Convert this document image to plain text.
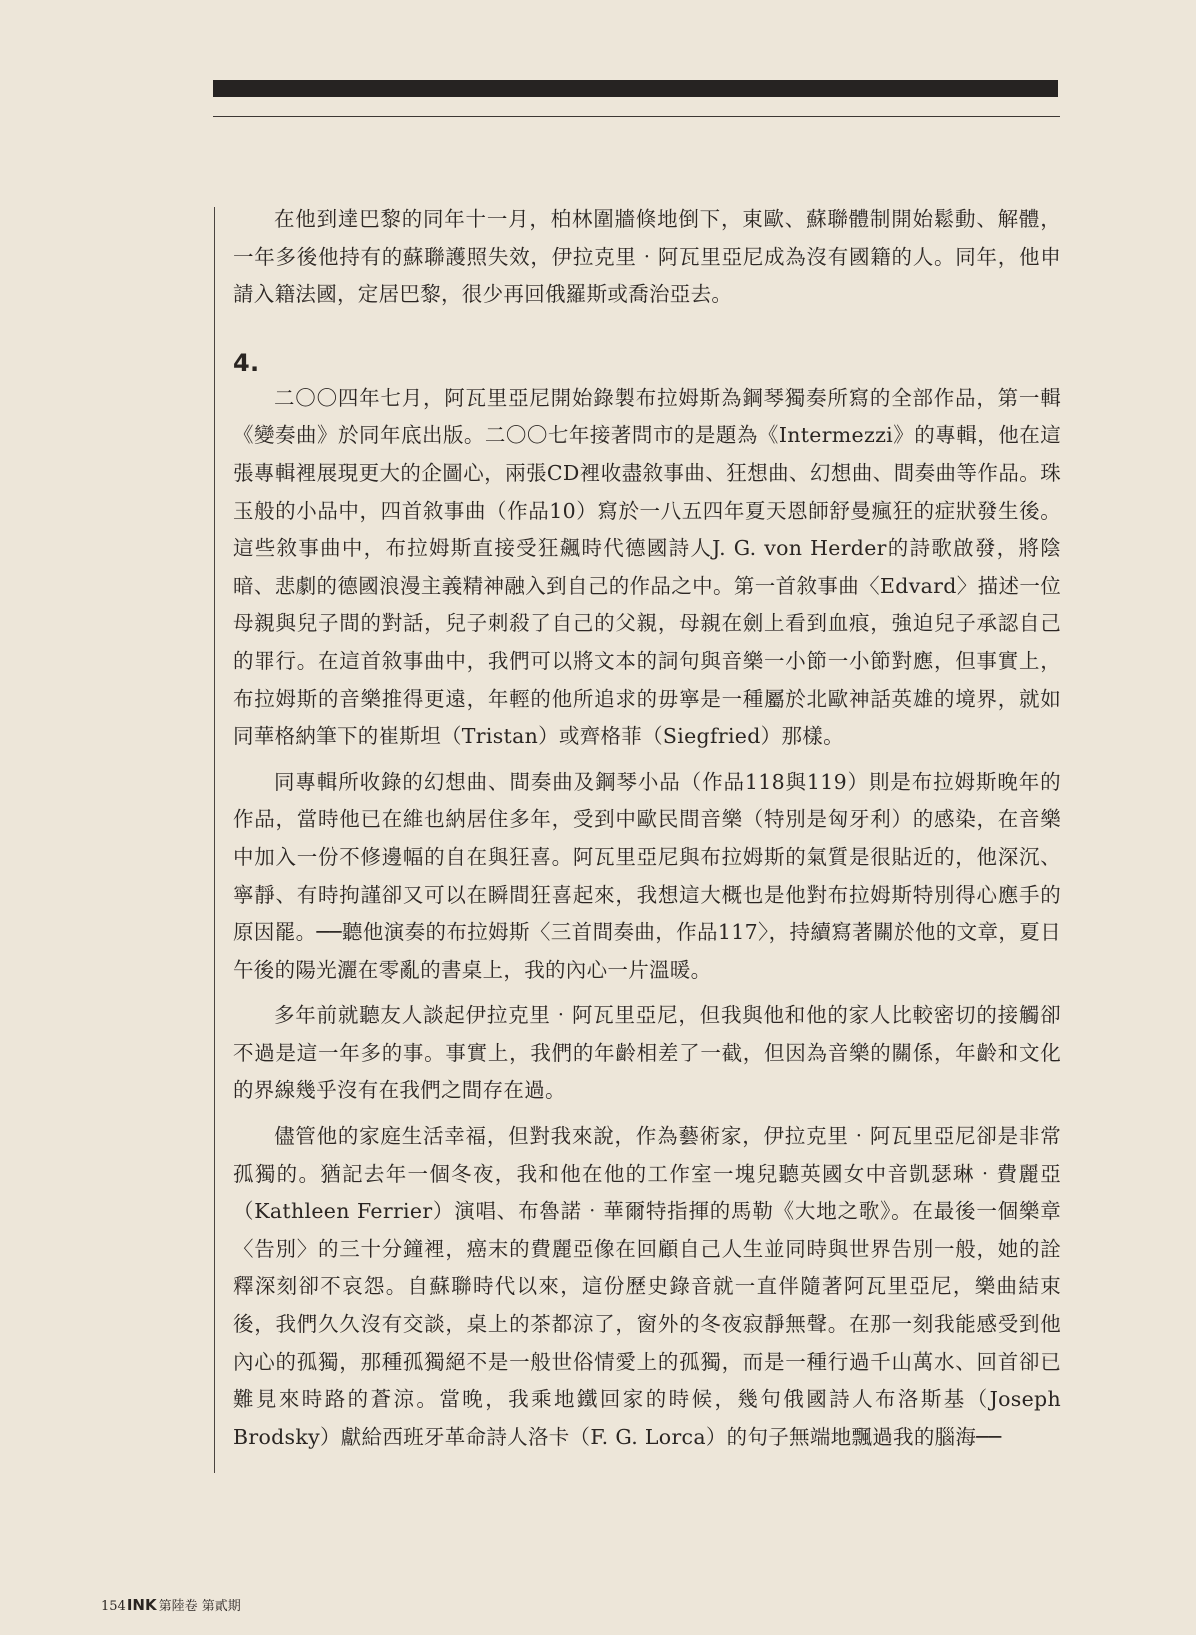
在他到達巴黎的同年十一月，柏林圍牆倏地倒下，東歐、蘇聯體制開始鬆動、解體，一年多後他持有的蘇聯護照失效，伊拉克里‧阿瓦里亞尼成為沒有國籍的人。同年，他申請入籍法國，定居巴黎，很少再回俄羅斯或喬治亞去。

4.

二〇〇四年七月，阿瓦里亞尼開始錄製布拉姆斯為鋼琴獨奏所寫的全部作品，第一輯《變奏曲》於同年底出版。二〇〇七年接著問市的是題為《Intermezzi》的專輯，他在這張專輯裡展現更大的企圖心，兩張CD裡收盡敘事曲、狂想曲、幻想曲、間奏曲等作品。珠玉般的小品中，四首敘事曲（作品10）寫於一八五四年夏天恩師舒曼瘋狂的症狀發生後。這些敘事曲中，布拉姆斯直接受狂飆時代德國詩人J. G. von Herder的詩歌啟發，將陰暗、悲劇的德國浪漫主義精神融入到自己的作品之中。第一首敘事曲〈Edvard〉描述一位母親與兒子間的對話，兒子刺殺了自己的父親，母親在劍上看到血痕，強迫兒子承認自己的罪行。在這首敘事曲中，我們可以將文本的詞句與音樂一小節一小節對應，但事實上，布拉姆斯的音樂推得更遠，年輕的他所追求的毋寧是一種屬於北歐神話英雄的境界，就如同華格納筆下的崔斯坦（Tristan）或齊格菲（Siegfried）那樣。

同專輯所收錄的幻想曲、間奏曲及鋼琴小品（作品118與119）則是布拉姆斯晚年的作品，當時他已在維也納居住多年，受到中歐民間音樂（特別是匈牙利）的感染，在音樂中加入一份不修邊幅的自在與狂喜。阿瓦里亞尼與布拉姆斯的氣質是很貼近的，他深沉、寧靜、有時拘謹卻又可以在瞬間狂喜起來，我想這大概也是他對布拉姆斯特別得心應手的原因罷。──聽他演奏的布拉姆斯〈三首間奏曲，作品117〉，持續寫著關於他的文章，夏日午後的陽光灑在零亂的書桌上，我的內心一片溫暖。

多年前就聽友人談起伊拉克里‧阿瓦里亞尼，但我與他和他的家人比較密切的接觸卻不過是這一年多的事。事實上，我們的年齡相差了一截，但因為音樂的關係，年齡和文化的界線幾乎沒有在我們之間存在過。

儘管他的家庭生活幸福，但對我來說，作為藝術家，伊拉克里‧阿瓦里亞尼卻是非常孤獨的。猶記去年一個冬夜，我和他在他的工作室一塊兒聽英國女中音凱瑟琳‧費麗亞（Kathleen Ferrier）演唱、布魯諾‧華爾特指揮的馬勒《大地之歌》。在最後一個樂章〈告別〉的三十分鐘裡，癌末的費麗亞像在回顧自己人生並同時與世界告別一般，她的詮釋深刻卻不哀怨。自蘇聯時代以來，這份歷史錄音就一直伴隨著阿瓦里亞尼，樂曲結束後，我們久久沒有交談，桌上的茶都涼了，窗外的冬夜寂靜無聲。在那一刻我能感受到他內心的孤獨，那種孤獨絕不是一般世俗情愛上的孤獨，而是一種行過千山萬水、回首卻已難見來時路的蒼涼。當晚，我乘地鐵回家的時候，幾句俄國詩人布洛斯基（Joseph Brodsky）獻給西班牙革命詩人洛卡（F. G. Lorca）的句子無端地飄過我的腦海──

154INK 第陸卷 第貳期
